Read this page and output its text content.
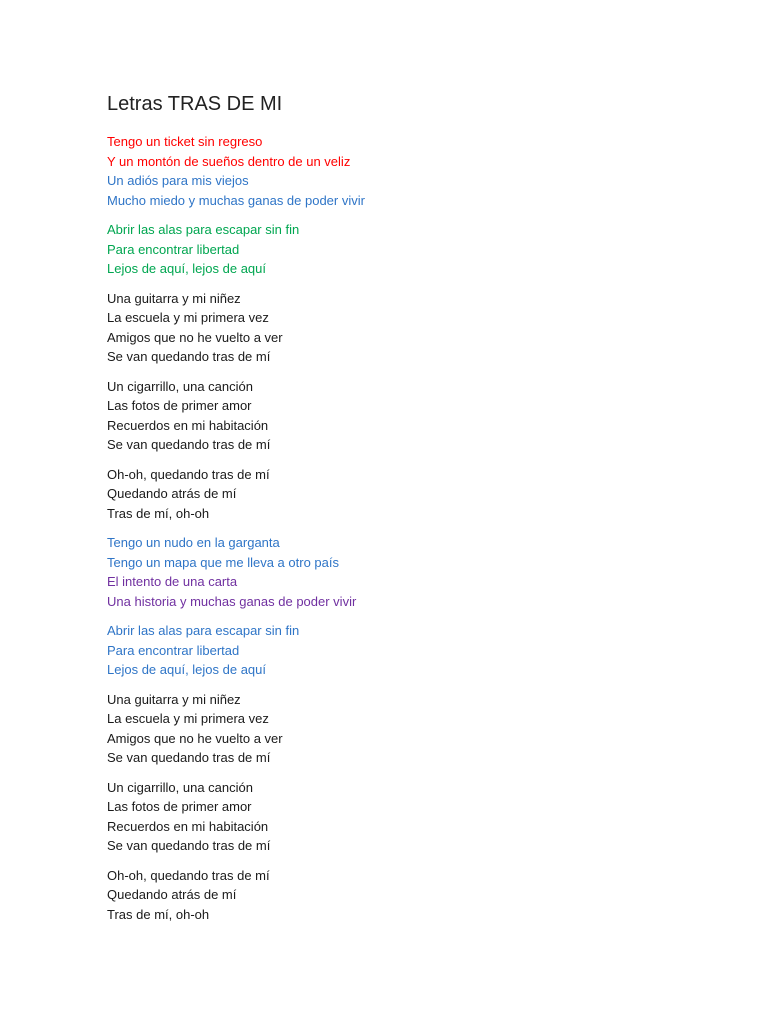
Letras TRAS DE MI
Tengo un ticket sin regreso
Y un montón de sueños dentro de un veliz
Un adiós para mis viejos
Mucho miedo y muchas ganas de poder vivir
Abrir las alas para escapar sin fin
Para encontrar libertad
Lejos de aquí, lejos de aquí
Una guitarra y mi niñez
La escuela y mi primera vez
Amigos que no he vuelto a ver
Se van quedando tras de mí
Un cigarrillo, una canción
Las fotos de primer amor
Recuerdos en mi habitación
Se van quedando tras de mí
Oh-oh, quedando tras de mí
Quedando atrás de mí
Tras de mí, oh-oh
Tengo un nudo en la garganta
Tengo un mapa que me lleva a otro país
El intento de una carta
Una historia y muchas ganas de poder vivir
Abrir las alas para escapar sin fin
Para encontrar libertad
Lejos de aquí, lejos de aquí
Una guitarra y mi niñez
La escuela y mi primera vez
Amigos que no he vuelto a ver
Se van quedando tras de mí
Un cigarrillo, una canción
Las fotos de primer amor
Recuerdos en mi habitación
Se van quedando tras de mí
Oh-oh, quedando tras de mí
Quedando atrás de mí
Tras de mí, oh-oh
